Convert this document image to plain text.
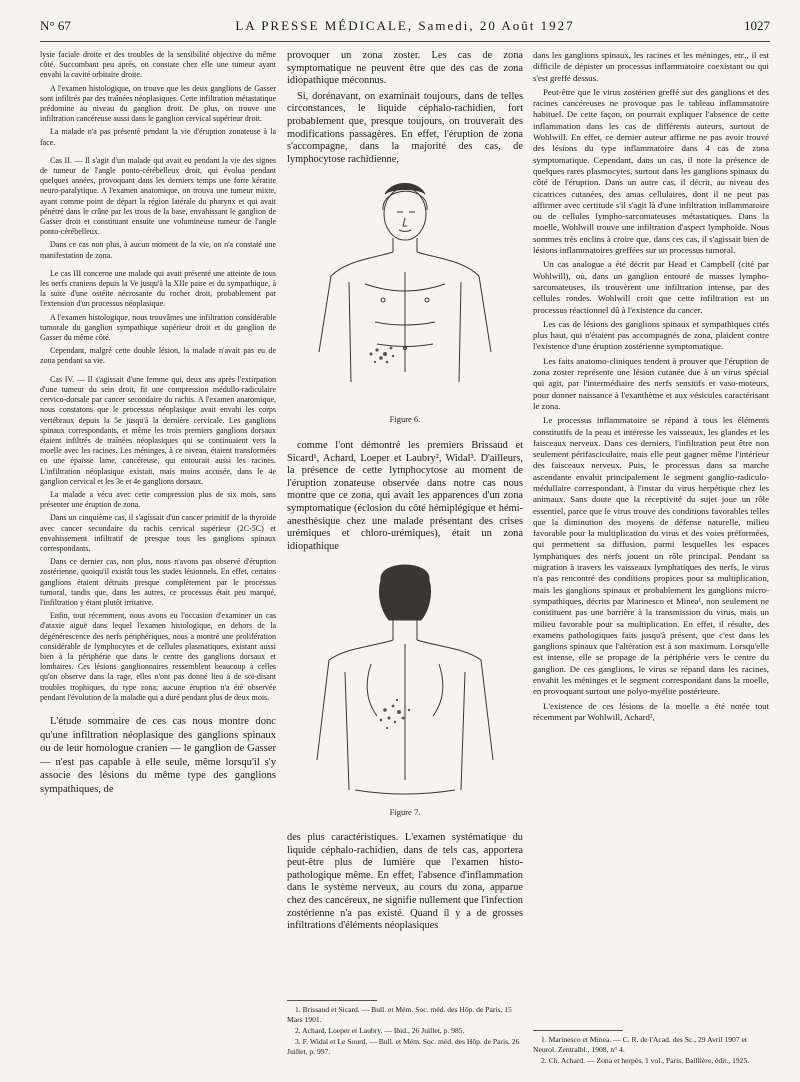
N° 67	LA PRESSE MÉDICALE, Samedi, 20 Août 1927	1027

lysie faciale droite et des troubles de la sensibilité objective du même côté. Succombant peu après, on constate chez elle une tumeur ayant envahi la cavité orbitaire droite.

A l'examen histologique, on trouve que les deux ganglions de Gasser sont infiltrés par des traînées néoplasiques. Cette infiltration métastatique prédomine au niveau du ganglion droit. De plus, on trouve une infiltration cancéreuse aussi dans le ganglion cervical supérieur droit.

La malade n'a pas présenté pendant la vie d'éruption zonateuse à la face.

Cas II. — Il s'agit d'un malade qui avait eu pendant la vie des signes de tumeur de l'angle ponto-cérébelleux droit, qui évolua pendant quelques années, provoquant dans les derniers temps une forte kératite neuro-paralytique. A l'examen anatomique, on trouva une tumeur mixte, ayant comme point de départ la région latérale du pharynx et qui avait pénétré dans le crâne par les trous de la base, envahissant le ganglion de Gasser droit et constituant ensuite une volumineuse tumeur de l'angle ponto-cérébelleux.

Dans ce cas non plus, à aucun moment de la vie, on n'a constaté une manifestation de zona.

Le cas III concerne une malade qui avait présenté une atteinte de tous les nerfs craniens depuis la Ve jusqu'à la XIIe paire et du sympathique, à la suite d'une ostéite nécrosante du rocher droit, probablement par l'extension d'un processus néoplasique.

A l'examen histologique, nous trouvâmes une infiltration considérable tumorale du ganglion sympathique supérieur droit et du ganglion de Gasser du même côté.

Cependant, malgré cette double lésion, la malade n'avait pas eu de zona pendant sa vie.

Cas IV. — Il s'agissait d'une femme qui, deux ans après l'extirpation d'une tumeur du sein droit, fit une compression médullo-radiculaire cervico-dorsale par cancer secondaire du rachis. A l'examen anatomique, nous constatons que le processus néoplasique avait envahi les corps vertébraux depuis la 5e jusqu'à la dernière cervicale. Les ganglions spinaux correspondants, et même les trois premiers ganglions dorsaux étaient infiltrés de traînées néoplasiques qui se continuaient vers la moelle avec les racines. Les méninges, à ce niveau, étaient transformées en une épaisse lame, cancéreuse, qui entourait aussi les racines. L'infiltration néoplasique existait, mais moins accusée, dans le 4e ganglion cervical et les 3e et 4e ganglions dorsaux.

La malade a vécu avec cette compression plus de six mois, sans présenter une éruption de zona.

Dans un cinquième cas, il s'agissait d'un cancer primitif de la thyroïde avec cancer secondaire du rachis cervical supérieur (2C-5C) et envahissement infiltratif de presque tous les ganglions spinaux correspondants.

Dans ce dernier cas, non plus, nous n'avons pas observé d'éruption zostérienne, quoiqu'il existât tous les stades lésionnels. En effet, certains ganglions étaient détruits presque complètement par le processus tumoral, tandis que, dans les autres, ce processus était peu marqué, l'infiltration y étant plutôt irritative.

Enfin, tout récemment, nous avons eu l'occasion d'examiner un cas d'ataxie aiguë dans lequel l'examen histologique, en dehors de la dégénérescence des nerfs périphériques, nous a montré une prolifération considérable de lymphocytes et de cellules plasmatiques, existant aussi bien à la périphérie que dans le centre des ganglions dorsaux et lombaires. Ces lésions ganglionnaires ressemblent beaucoup à celles qu'on observe dans la rage, elles n'ont pas donné lieu à de soi-disant troubles trophiques, du type zona; aucune éruption n'a été observée pendant l'évolution de la maladie qui a duré pendant plus de deux mois.

L'étude sommaire de ces cas nous montre donc qu'une infiltration néoplasique des ganglions spinaux ou de leur homologue cranien — le ganglion de Gasser — n'est pas capable à elle seule, même lorsqu'il s'y associe des lésions du même type des ganglions sympathiques, de

provoquer un zona zoster. Les cas de zona symptomatique ne peuvent être que des cas de zona idiopathique méconnus.

Si, dorénavant, on examinait toujours, dans de telles circonstances, le liquide céphalo-rachidien, fort probablement que, presque toujours, on trouverait des modifications passagères. En effet, l'éruption de zona s'accompagne, dans la majorité des cas, de lymphocytose rachidienne,

Figure 6.

comme l'ont démontré les premiers Brissaud et Sicard¹, Achard, Loeper et Laubry², Widal³. D'ailleurs, la présence de cette lymphocytose au moment de l'éruption zonateuse observée dans notre cas nous montre que ce zona, qui avait les apparences d'un zona symptomatique (éclosion du côté hémiplégique et hémi-anesthésique chez une malade présentant des crises urémiques et chloro-urémiques), était un zona idiopathique

Figure 7.

des plus caractéristiques. L'examen systématique du liquide céphalo-rachidien, dans de tels cas, apportera peut-être plus de lumière que l'examen histo-pathologique même. En effet, l'absence d'inflammation dans le système nerveux, au cours du zona, apparue chez des cancéreux, ne signifie nullement que l'infection zostérienne n'a pas existé. Quand il y a de grosses infiltrations d'éléments néoplasiques

1. Brissaud et Sicard. — Bull. et Mém. Soc. méd. des Hôp. de Paris, 15 Mars 1901.

2. Achard, Loeper et Laubry. — Ibid., 26 Juillet, p. 985.

3. F. Widal et Le Sourd. — Bull. et Mém. Soc. méd. des Hôp. de Paris, 26 Juillet, p. 997.

dans les ganglions spinaux, les racines et les méninges, etc., il est difficile de dépister un processus inflammatoire coexistant ou qui s'est greffé dessus.

Peut-être que le virus zostérien greffé sur des ganglions et des racines cancéreuses ne provoque pas le tableau inflammatoire habituel. De cette façon, on pourrait expliquer l'absence de cette inflammation dans les cas de différents auteurs, surtout de Wohlwill. En effet, ce dernier auteur affirme ne pas avoir trouvé des lésions du type inflammatoire dans 4 cas de zona symptomatique. Cependant, dans un cas, il note la présence de quelques rares plasmocytes, surtout dans les ganglions spinaux du côté de l'éruption. Dans un autre cas, il décrit, au niveau des cicatrices cutanées, des amas cellulaires, dont il ne peut pas affirmer avec certitude s'il s'agit là d'une infiltration inflammatoire ou de cellules lympho-sarcomateuses métastatiques. Dans la moelle, Wohlwill trouve une infiltration d'aspect lymphoïde. Nous sommes très enclins à croire que, dans ces cas, il s'agissait bien de lésions inflammatoires greffées sur un processus tumoral.

Un cas analogue a été décrit par Head et Campbell (cité par Wohlwill), où, dans un ganglion entouré de masses lympho-sarcomateuses, ils trouvèrent une infiltration intense, par des cellules rondes. Wohlwill croit que cette infiltration est un processus réactionnel dû à l'existence du cancer.

Les cas de lésions des ganglions spinaux et sympathiques cités plus haut, qui n'étaient pas accompagnés de zona, plaident contre l'existence d'une éruption zostérienne symptomatique.

Les faits anatomo-cliniques tendent à prouver que l'éruption de zona zoster représente une lésion cutanée due à un virus spécial qui agit, par l'intermédiaire des nerfs sensitifs et vaso-moteurs, pour donner naissance à l'exanthème et aux vésicules caractérisant le zona.

Le processus inflammatoire se répand à tous les éléments constitutifs de la peau et intéresse les vaisseaux, les glandes et les faisceaux nerveux. Dans ces derniers, l'infiltration peut être non seulement périfasciculaire, mais elle peut gagner même l'intérieur des faisceaux nerveux. Puis, le processus dans sa marche ascendante envahit principalement le segment ganglio-radiculo-médullaire correspondant, à l'instar du virus herpétique chez les animaux. Sans doute que la réceptivité du sujet joue un rôle essentiel, parce que le virus trouve des conditions favorables telles que la diminution des moyens de défense naturelle, milieu favorable pour la multiplication du virus et des voies préformées, qui permettent sa diffusion, parmi lesquelles les espaces lymphatiques des nerfs jouent un rôle principal. Pendant sa migration à travers les vaisseaux lymphatiques des nerfs, le virus n'a pas rencontré des conditions propices pour sa multiplication, mais les ganglions spinaux et probablement les ganglions micro-sympathiques, décrits par Marinesco et Minea¹, non seulement ne constituent pas une barrière à la transmission du virus, mais un milieu favorable pour sa multiplication. En effet, il résulte, des examens pathologiques faits jusqu'à présent, que c'est dans les ganglions spinaux que l'altération est à son maximum. Lorsqu'elle est intense, elle se propage de la périphérie vers le centre du ganglion. De ces ganglions, le virus se répand dans les racines, envahit les méninges et le segment correspondant dans la moelle, en provoquant surtout une polyo-myélite postérieure.

L'existence de ces lésions de la moelle a été notée tout récemment par Wohlwill, Achard²,

1. Marinesco et Minea. — C. R. de l'Acad. des Sc., 29 Avril 1907 et Neurol. Zentralbl., 1908, n° 4.

2. Ch. Achard. — Zona et herpès, 1 vol., Paris, Baillière, édit., 1925.
